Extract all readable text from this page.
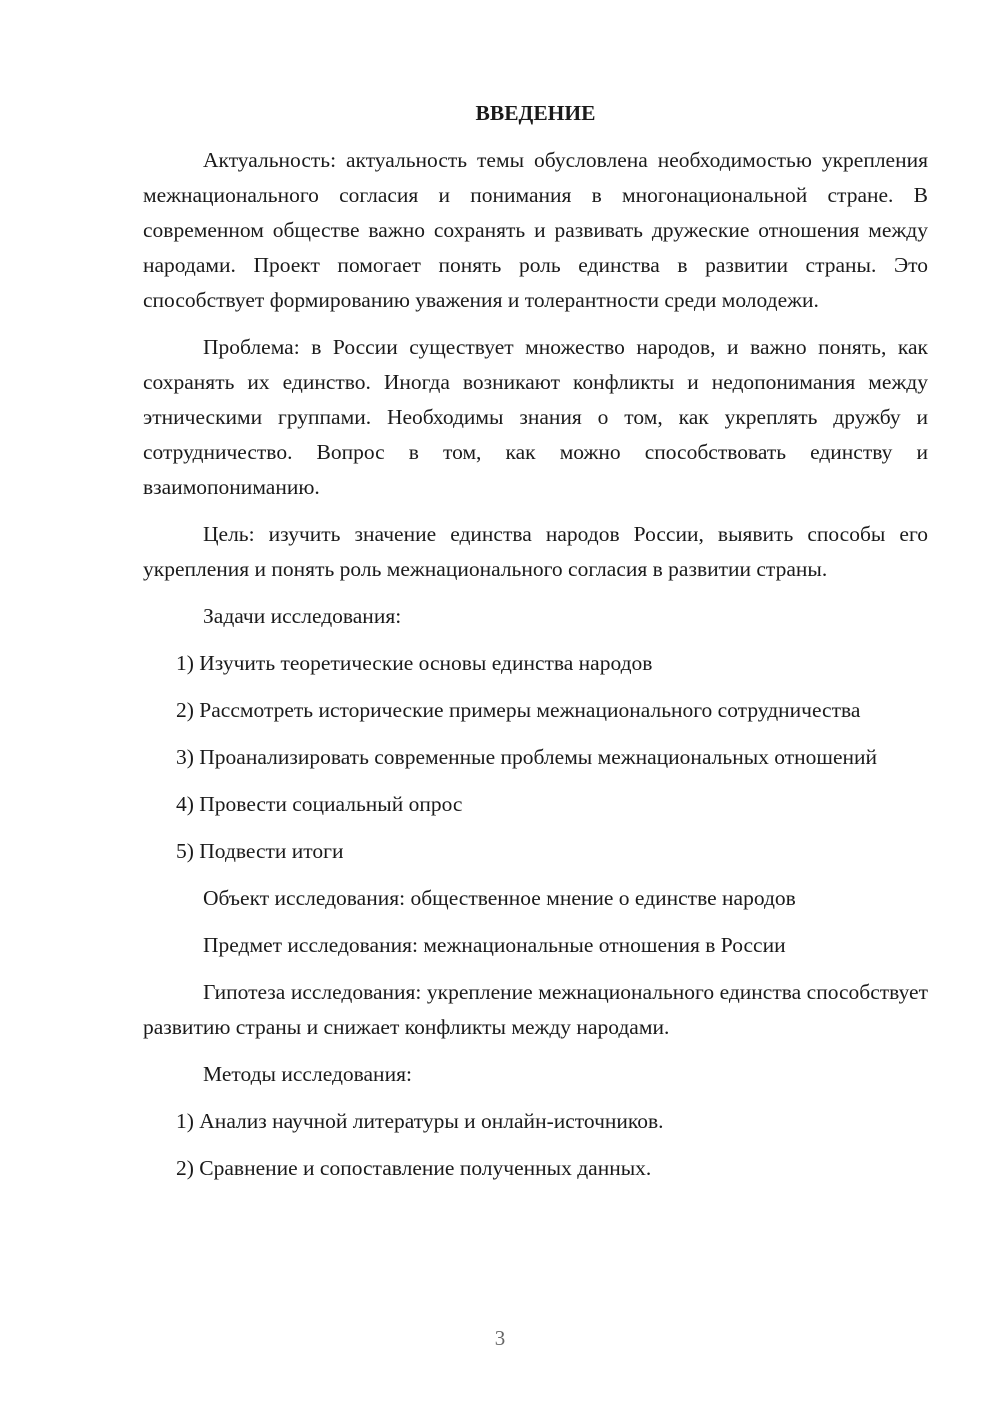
ВВЕДЕНИЕ

Актуальность: актуальность темы обусловлена необходимостью укрепления межнационального согласия и понимания в многонациональной стране. В современном обществе важно сохранять и развивать дружеские отношения между народами. Проект помогает понять роль единства в развитии страны. Это способствует формированию уважения и толерантности среди молодежи.

Проблема: в России существует множество народов, и важно понять, как сохранять их единство. Иногда возникают конфликты и недопонимания между этническими группами. Необходимы знания о том, как укреплять дружбу и сотрудничество. Вопрос в том, как можно способствовать единству и взаимопониманию.

Цель: изучить значение единства народов России, выявить способы его укрепления и понять роль межнационального согласия в развитии страны.

Задачи исследования:

1) Изучить теоретические основы единства народов

2) Рассмотреть исторические примеры межнационального сотрудничества

3) Проанализировать современные проблемы межнациональных отношений

4) Провести социальный опрос

5) Подвести итоги

Объект исследования: общественное мнение о единстве народов

Предмет исследования: межнациональные отношения в России

Гипотеза исследования: укрепление межнационального единства способствует развитию страны и снижает конфликты между народами.

Методы исследования:

1) Анализ научной литературы и онлайн-источников.

2) Сравнение и сопоставление полученных данных.

3
